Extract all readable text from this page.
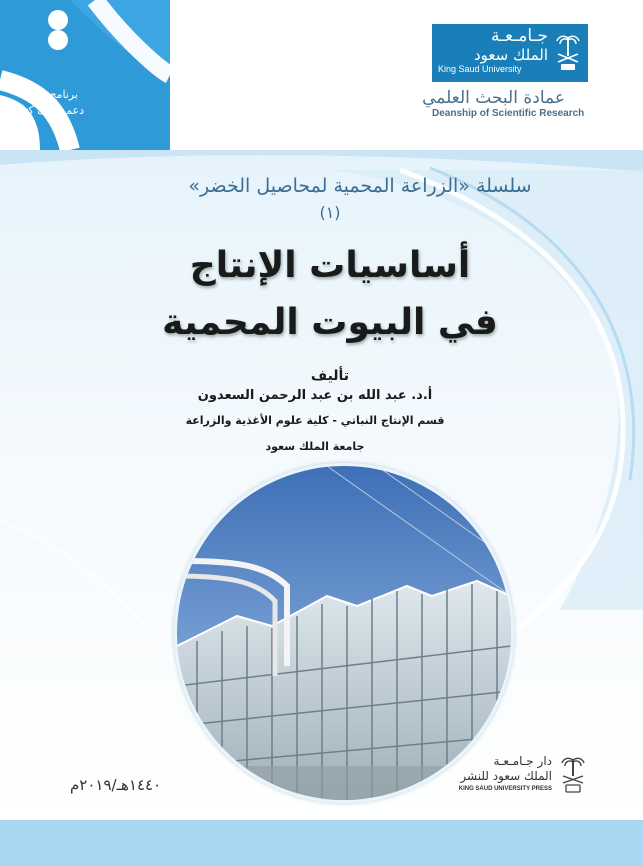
برنامج
دعم تأليف كتاب
جـامـعـة
الملك سعود
King Saud University
عمادة البحث العلمي
Deanship of Scientific Research
سلسلة «الزراعة المحمية لمحاصيل الخضر»
(١)
أساسيات الإنتاج
في البيوت المحمية
تأليف
أ.د. عبد الله بن عبد الرحمن السعدون
قسم الإنتاج النباتي - كلية علوم الأغذية والزراعة
جامعة الملك سعود
دار جـامـعـة
الملك سعود للنشر
KING SAUD UNIVERSITY PRESS
١٤٤٠هـ/٢٠١٩م
